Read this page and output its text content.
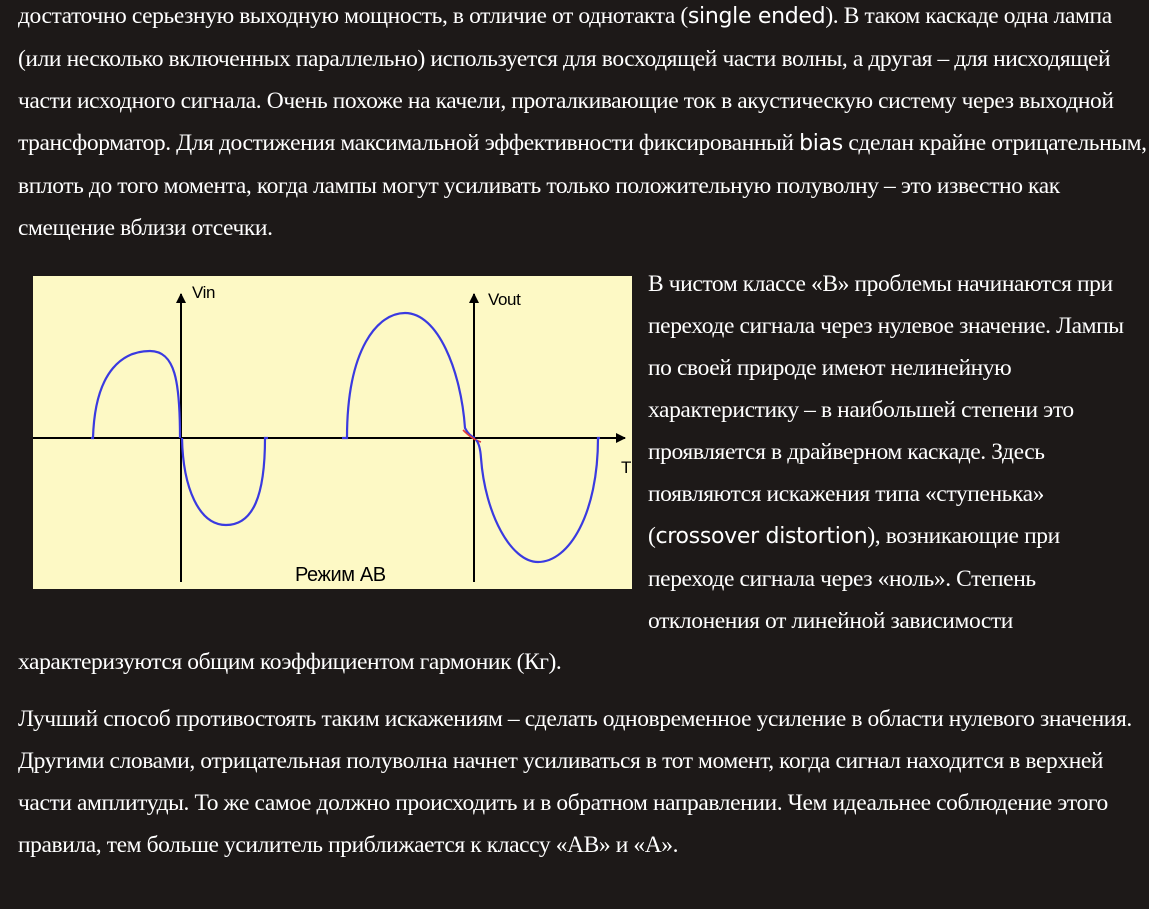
достаточно серьезную выходную мощность, в отличие от однотакта (single ended). В таком каскаде одна лампа (или несколько включенных параллельно) используется для восходящей части волны, а другая – для нисходящей части исходного сигнала. Очень похоже на качели, проталкивающие ток в акустическую систему через выходной трансформатор. Для достижения максимальной эффективности фиксированный bias сделан крайне отрицательным, вплоть до того момента, когда лампы могут усиливать только положительную полуволну – это известно как смещение вблизи отсечки.

Vin	Vout
T
Режим АВ

В чистом классе «В» проблемы начинаются при переходе сигнала через нулевое значение. Лампы по своей природе имеют нелинейную характеристику – в наибольшей степени это проявляется в драйверном каскаде. Здесь появляются искажения типа «ступенька» (crossover distortion), возникающие при переходе сигнала через «ноль». Степень отклонения от линейной зависимости

характеризуются общим коэффициентом гармоник (Кг).

Лучший способ противостоять таким искажениям – сделать одновременное усиление в области нулевого значения. Другими словами, отрицательная полуволна начнет усиливаться в тот момент, когда сигнал находится в верхней части амплитуды. То же самое должно происходить и в обратном направлении. Чем идеальнее соблюдение этого правила, тем больше усилитель приближается к классу «АВ» и «А».
